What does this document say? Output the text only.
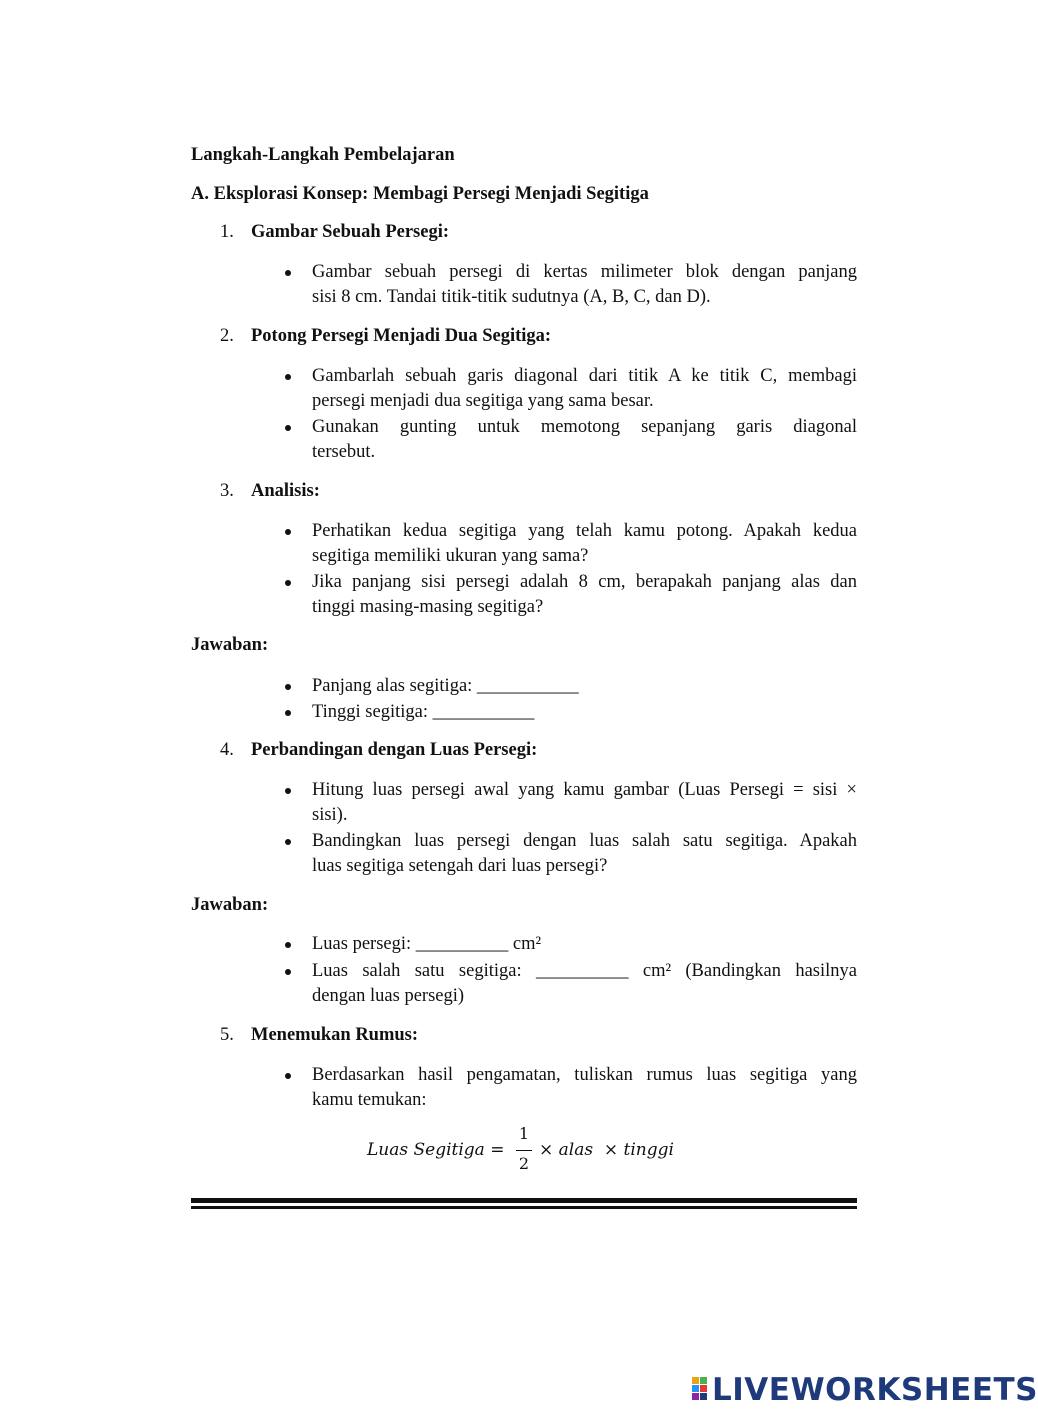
Langkah-Langkah Pembelajaran
A. Eksplorasi Konsep: Membagi Persegi Menjadi Segitiga
1. Gambar Sebuah Persegi:
Gambar sebuah persegi di kertas milimeter blok dengan panjang
sisi 8 cm. Tandai titik-titik sudutnya (A, B, C, dan D).
2. Potong Persegi Menjadi Dua Segitiga:
Gambarlah sebuah garis diagonal dari titik A ke titik C, membagi
persegi menjadi dua segitiga yang sama besar.
Gunakan gunting untuk memotong sepanjang garis diagonal
tersebut.
3. Analisis:
Perhatikan kedua segitiga yang telah kamu potong. Apakah kedua
segitiga memiliki ukuran yang sama?
Jika panjang sisi persegi adalah 8 cm, berapakah panjang alas dan
tinggi masing-masing segitiga?
Jawaban:
Panjang alas segitiga: ___________
Tinggi segitiga: ___________
4. Perbandingan dengan Luas Persegi:
Hitung luas persegi awal yang kamu gambar (Luas Persegi = sisi ×
sisi).
Bandingkan luas persegi dengan luas salah satu segitiga. Apakah
luas segitiga setengah dari luas persegi?
Jawaban:
Luas persegi: __________ cm²
Luas salah satu segitiga: __________ cm² (Bandingkan hasilnya
dengan luas persegi)
5. Menemukan Rumus:
Berdasarkan hasil pengamatan, tuliskan rumus luas segitiga yang
kamu temukan:
Luas Segitiga =
1
2
× alas  × tinggi
LIVEWORKSHEETS
